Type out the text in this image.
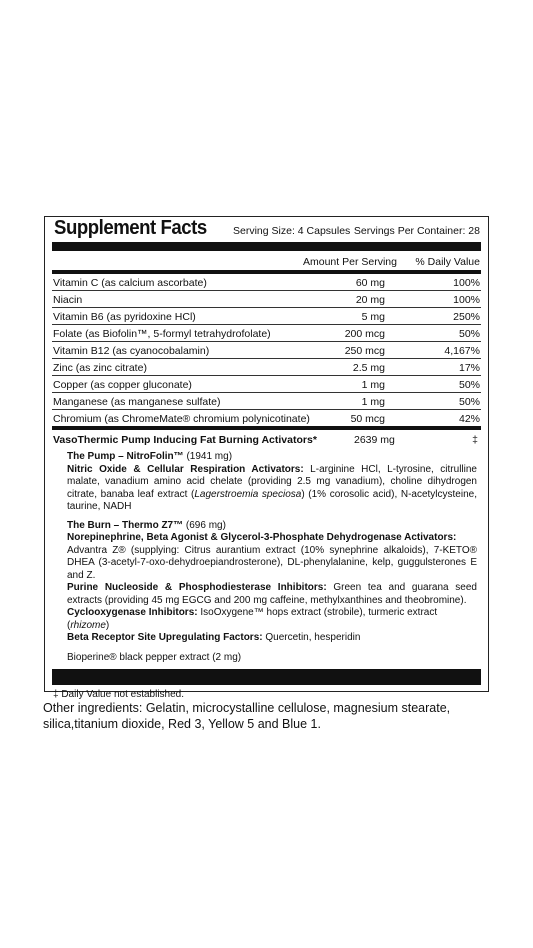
Supplement Facts Serving Size: 4 Capsules Servings Per Container: 28
Amount Per Serving % Daily Value
Vitamin C (as calcium ascorbate)	60 mg	100%
Niacin	20 mg	100%
Vitamin B6 (as pyridoxine HCl)	5 mg	250%
Folate (as Biofolin™, 5-formyl tetrahydrofolate)	200 mcg	50%
Vitamin B12 (as cyanocobalamin)	250 mcg	4,167%
Zinc (as zinc citrate)	2.5 mg	17%
Copper (as copper gluconate)	1 mg	50%
Manganese (as manganese sulfate)	1 mg	50%
Chromium (as ChromeMate® chromium polynicotinate)	50 mcg	42%
VasoThermic Pump Inducing Fat Burning Activators*	2639 mg	‡
The Pump – NitroFolin™ (1941 mg)

Nitric Oxide & Cellular Respiration Activators: L-arginine HCl, L-tyrosine, citrulline malate, vanadium amino acid chelate (providing 2.5 mg vanadium), choline dihydrogen citrate, banaba leaf extract (Lagerstroemia speciosa) (1% corosolic acid), N-acetylcysteine, taurine, NADH

The Burn – Thermo Z7™ (696 mg)

Norepinephrine, Beta Agonist & Glycerol-3-Phosphate Dehydrogenase Activators:

Advantra Z® (supplying: Citrus aurantium extract (10% synephrine alkaloids), 7-KETO® DHEA (3-acetyl-7-oxo-dehydroepiandrosterone), DL-phenylalanine, kelp, guggulsterones E and Z.

Purine Nucleoside & Phosphodiesterase Inhibitors: Green tea and guarana seed extracts (providing 45 mg EGCG and 200 mg caffeine, methylxanthines and theobromine).

Cyclooxygenase Inhibitors: IsoOxygene™ hops extract (strobile), turmeric extract (rhizome)

Beta Receptor Site Upregulating Factors: Quercetin, hesperidin

Bioperine® black pepper extract (2 mg)
‡ Daily Value not established.
Other ingredients: Gelatin, microcystalline cellulose, magnesium stearate, silica,titanium dioxide, Red 3, Yellow 5 and Blue 1.
